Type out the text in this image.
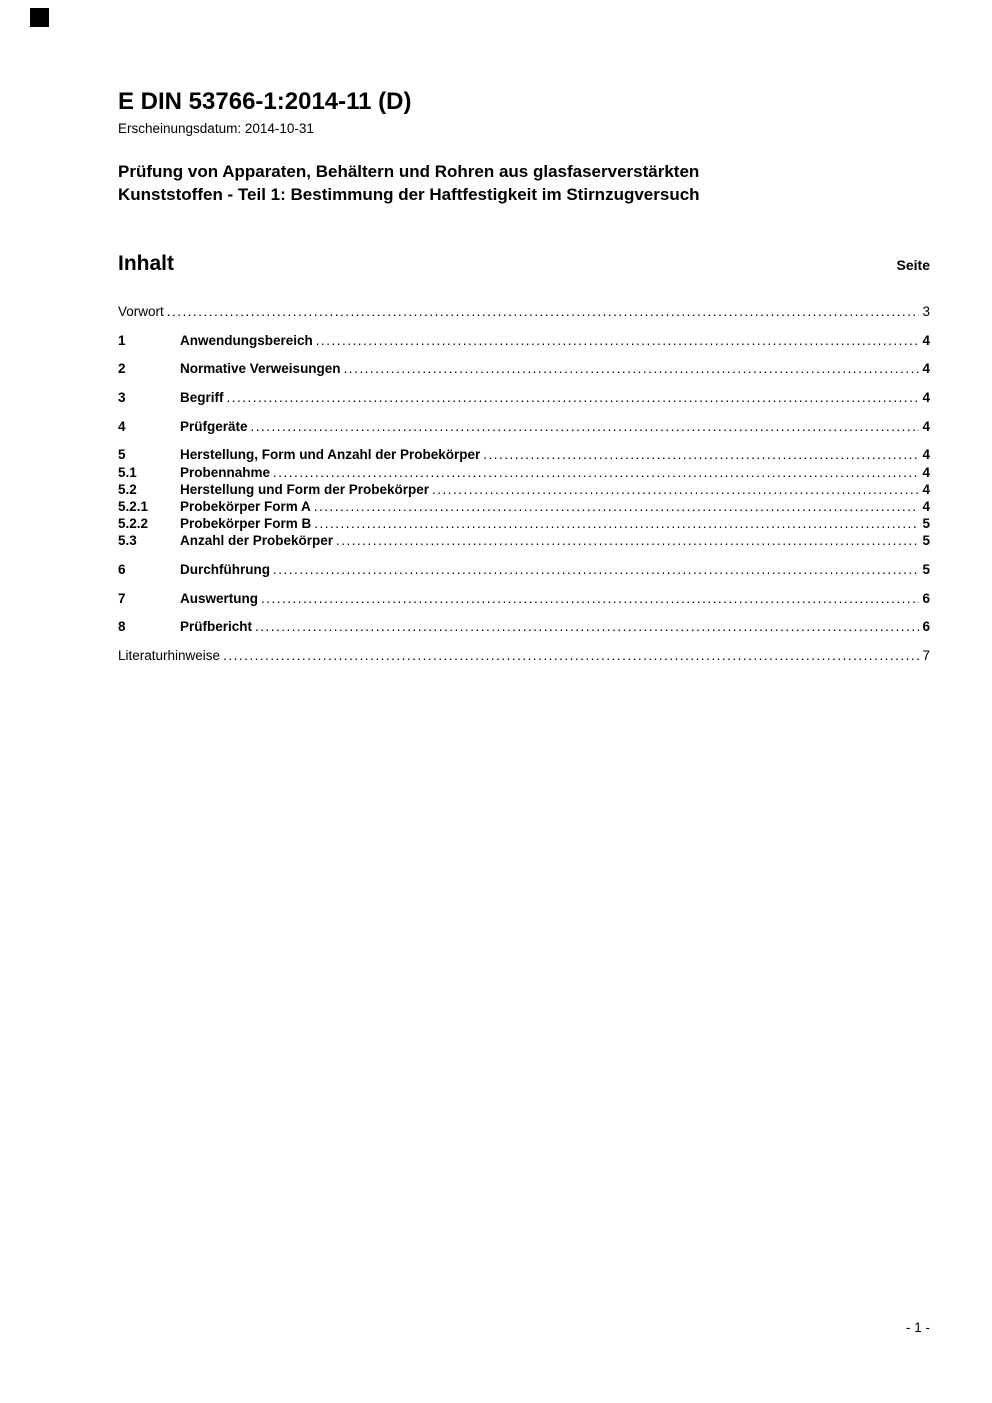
E DIN 53766-1:2014-11 (D)
Erscheinungsdatum: 2014-10-31
Prüfung von Apparaten, Behältern und Rohren aus glasfaserverstärkten
Kunststoffen - Teil 1: Bestimmung der Haftfestigkeit im Stirnzugversuch
Inhalt	Seite
Vorwort .....	3
1	Anwendungsbereich .....	4
2	Normative Verweisungen .....	4
3	Begriff .....	4
4	Prüfgeräte .....	4
5	Herstellung, Form und Anzahl der Probekörper .....	4
5.1	Probennahme .....	4
5.2	Herstellung und Form der Probekörper .....	4
5.2.1	Probekörper Form A .....	4
5.2.2	Probekörper Form B .....	5
5.3	Anzahl der Probekörper .....	5
6	Durchführung .....	5
7	Auswertung .....	6
8	Prüfbericht .....	6
Literaturhinweise .....	7
- 1 -
